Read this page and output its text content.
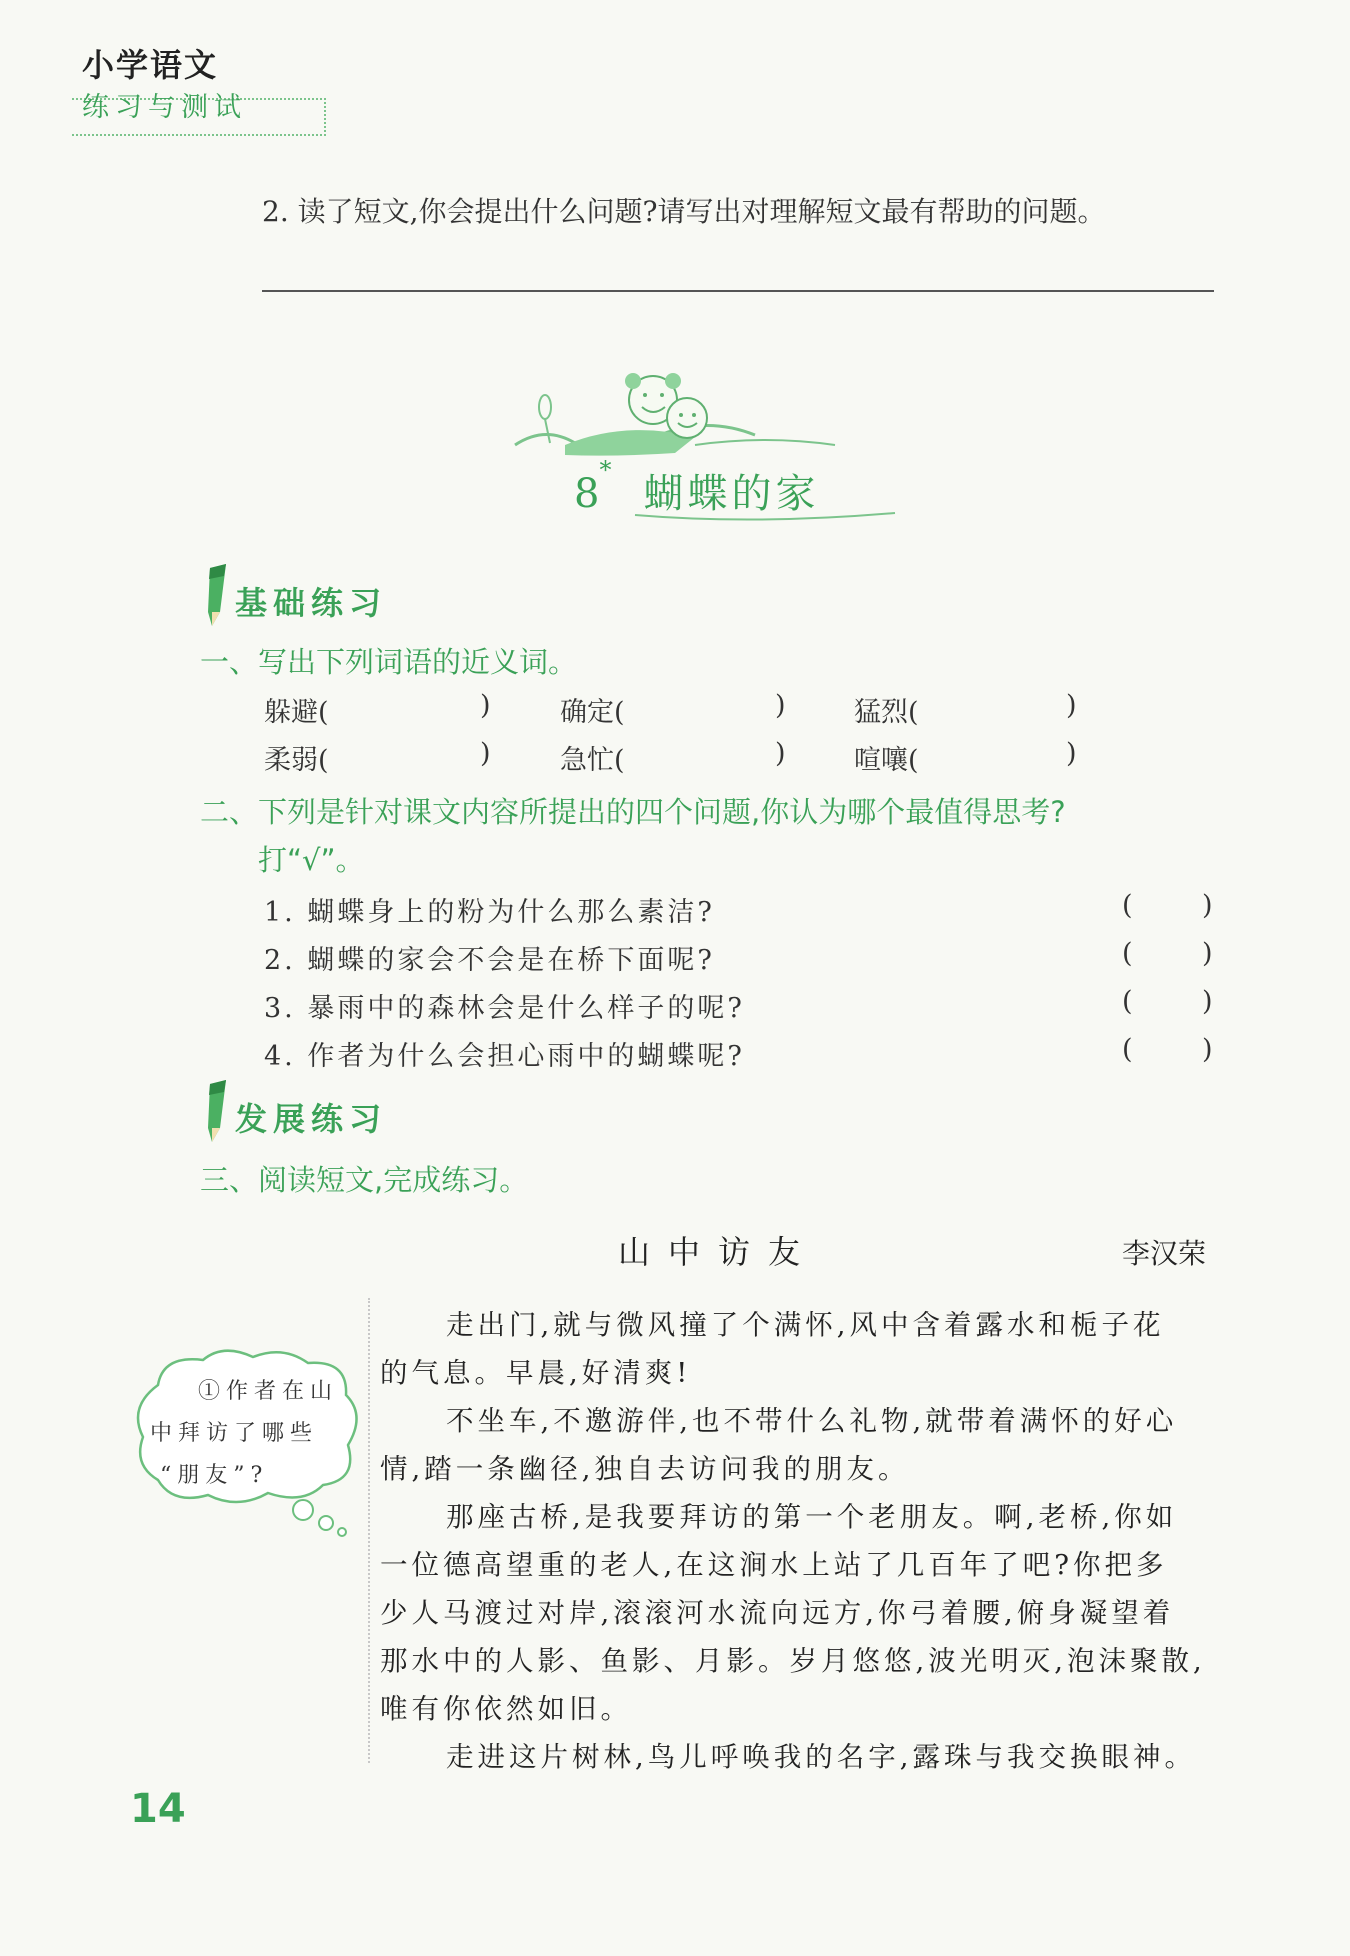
小学语文
练习与测试
2. 读了短文,你会提出什么问题?请写出对理解短文最有帮助的问题。
8*蝴蝶的家
基础练习
一、写出下列词语的近义词。
躲避(	)	确定(	)	猛烈(	)
柔弱(	)	急忙(	)	喧嚷(	)
二、下列是针对课文内容所提出的四个问题,你认为哪个最值得思考?
打“√”。
1. 蝴蝶身上的粉为什么那么素洁?	(	)
2. 蝴蝶的家会不会是在桥下面呢?	(	)
3. 暴雨中的森林会是什么样子的呢?	(	)
4. 作者为什么会担心雨中的蝴蝶呢?	(	)
发展练习
三、阅读短文,完成练习。
山中访友	李汉荣
走出门,就与微风撞了个满怀,风中含着露水和栀子花
的气息。早晨,好清爽!
不坐车,不邀游伴,也不带什么礼物,就带着满怀的好心
情,踏一条幽径,独自去访问我的朋友。
那座古桥,是我要拜访的第一个老朋友。啊,老桥,你如
一位德高望重的老人,在这涧水上站了几百年了吧?你把多
少人马渡过对岸,滚滚河水流向远方,你弓着腰,俯身凝望着
那水中的人影、鱼影、月影。岁月悠悠,波光明灭,泡沫聚散,
唯有你依然如旧。
走进这片树林,鸟儿呼唤我的名字,露珠与我交换眼神。
①作者在山
中拜访了哪些
“朋友”?
14
